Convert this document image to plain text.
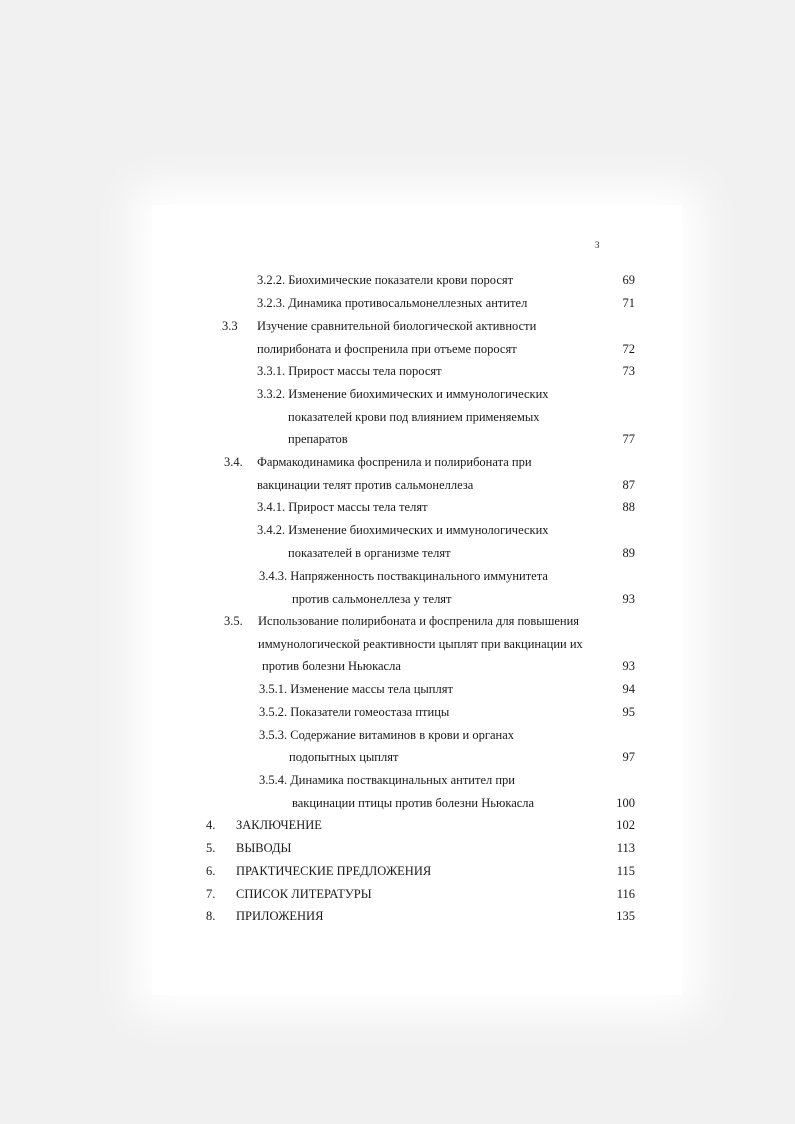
3
3.2.2. Биохимические показатели крови поросят	69
3.2.3. Динамика противосальмонеллезных антител	71
3.3 Изучение сравнительной биологической активности
полирибоната и фоспренила при отъеме поросят	72
3.3.1. Прирост массы тела поросят	73
3.3.2. Изменение биохимических и иммунологических
показателей крови под влиянием применяемых
препаратов	77
3.4. Фармакодинамика фоспренила и полирибоната при
вакцинации телят против сальмонеллеза	87
3.4.1. Прирост массы тела телят	88
3.4.2. Изменение биохимических и иммунологических
показателей в организме телят	89
3.4.3. Напряженность поствакцинального иммунитета
против сальмонеллеза у телят	93
3.5. Использование полирибоната и фоспренила для повышения
иммунологической реактивности цыплят при вакцинации их
против болезни Ньюкасла	93
3.5.1. Изменение массы тела цыплят	94
3.5.2. Показатели гомеостаза птицы	95
3.5.3. Содержание витаминов в крови и органах
подопытных цыплят	97
3.5.4. Динамика поствакцинальных антител при
вакцинации птицы против болезни Ньюкасла	100
4. ЗАКЛЮЧЕНИЕ	102
5. ВЫВОДЫ	113
6. ПРАКТИЧЕСКИЕ ПРЕДЛОЖЕНИЯ	115
7. СПИСОК ЛИТЕРАТУРЫ	116
8. ПРИЛОЖЕНИЯ	135
